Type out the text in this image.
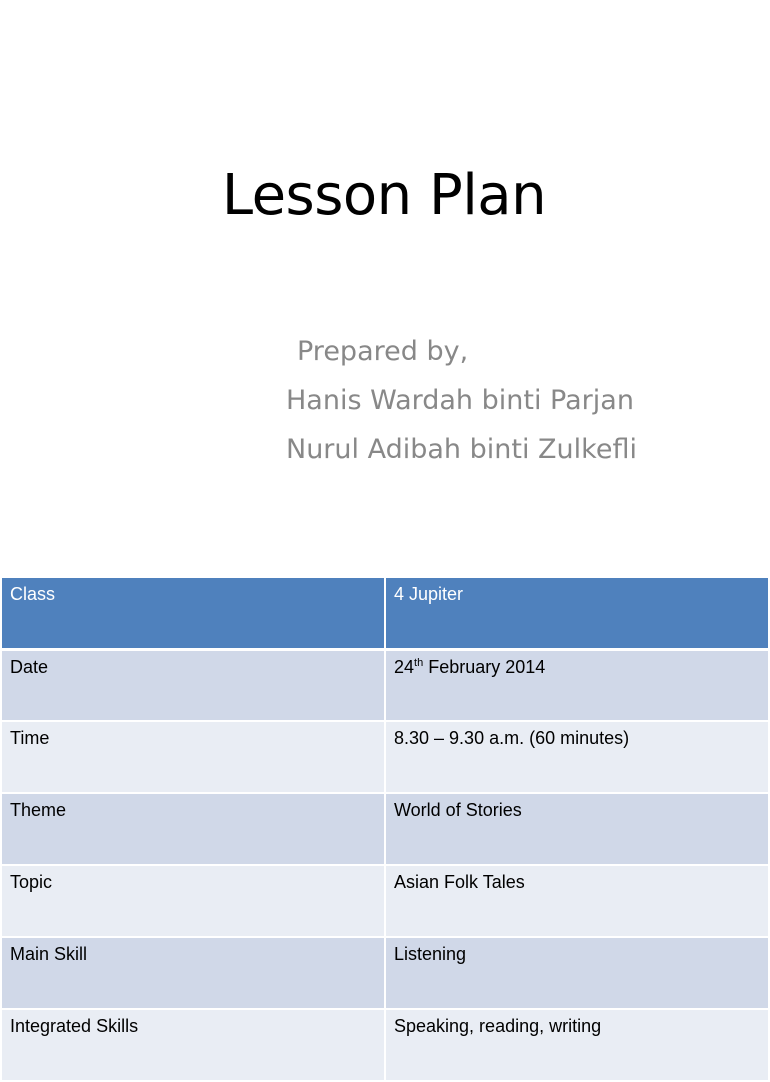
Lesson Plan
Prepared by,
Hanis Wardah binti Parjan
Nurul Adibah binti Zulkefli
Class	4 Jupiter
Date	24th February 2014
Time	8.30 – 9.30 a.m. (60 minutes)
Theme	World of Stories
Topic	Asian Folk Tales
Main Skill	Listening
Integrated Skills	Speaking, reading, writing
